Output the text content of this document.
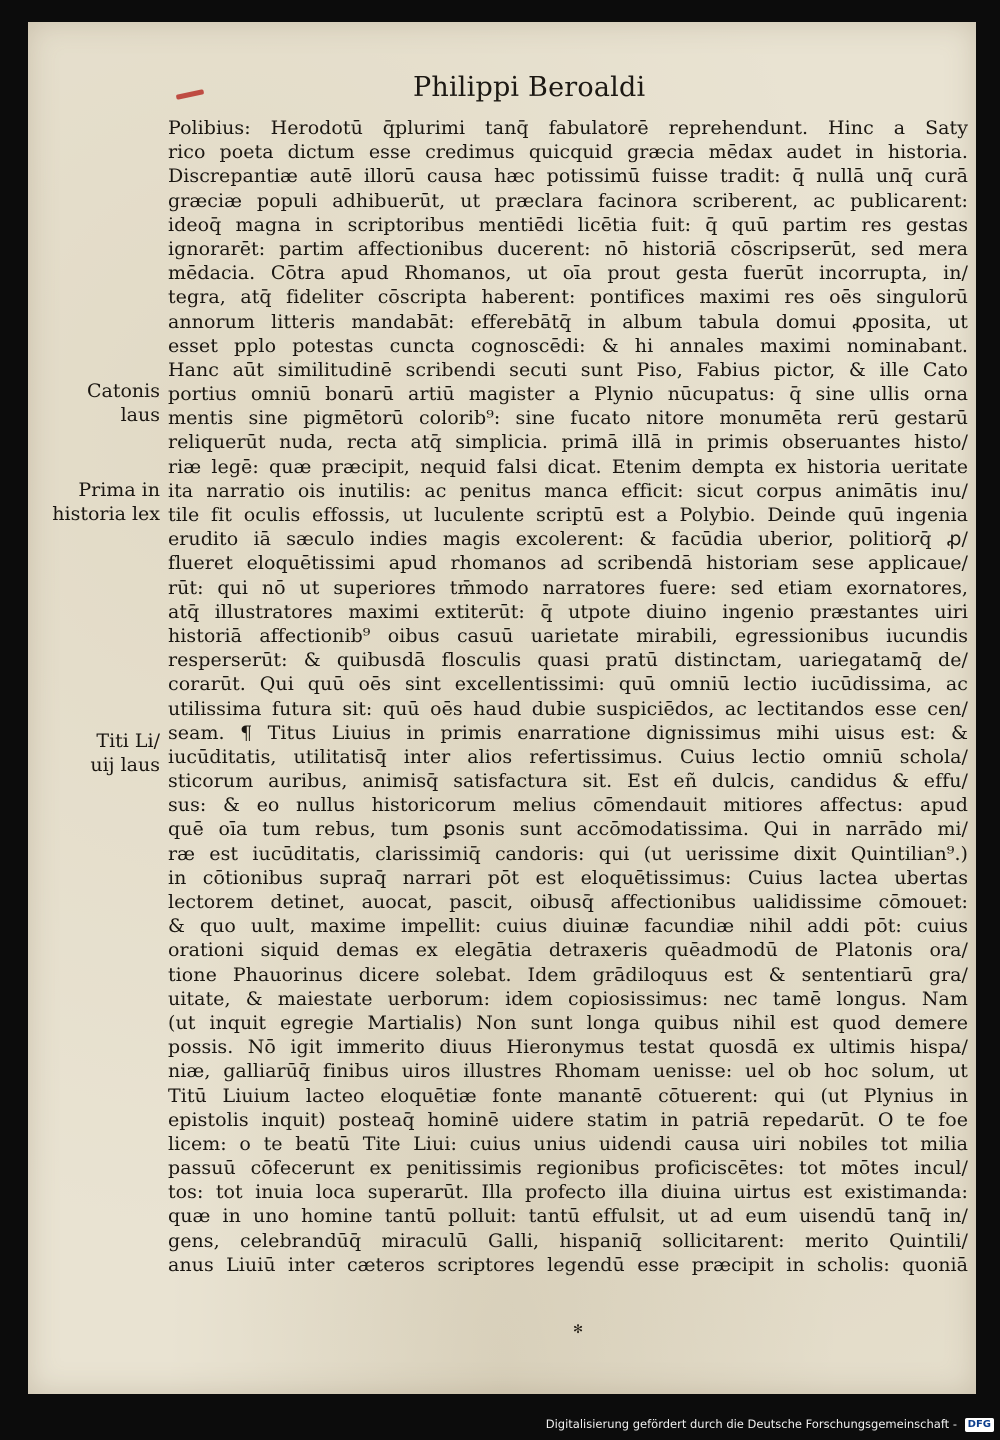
Philippi Beroaldi
Catonis
laus
Prima in
historia lex
Titi Li/
uij laus
Polibius: Herodotū q̄plurimi tanq̄ fabulatorē reprehendunt. Hinc a Saty
rico poeta dictum esse credimus quicquid græcia mēdax audet in historia.
Discrepantiæ autē illorū causa hæc potissimū fuisse tradit: q̄ nullā unq̄ curā
græciæ populi adhibuerūt, ut præclara facinora scriberent, ac publicarent:
ideoq̄ magna in scriptoribus mentiēdi licētia fuit: q̄ quū partim res gestas
ignorarēt: partim affectionibus ducerent: nō historiā cōscripserūt, sed mera
mēdacia. Cōtra apud Rhomanos, ut oīa prout gesta fuerūt incorrupta, in/
tegra, atq̄ fideliter cōscripta haberent: pontifices maximi res oēs singulorū
annorum litteris mandabāt: efferebātq̄ in album tabula domui ꝓposita, ut
esset pplo potestas cuncta cognoscēdi: & hi annales maximi nominabant.
Hanc aūt similitudinē scribendi secuti sunt Piso, Fabius pictor, & ille Cato
portius omniū bonarū artiū magister a Plynio nūcupatus: q̄ sine ullis orna
mentis sine pigmētorū colorib⁹: sine fucato nitore monumēta rerū gestarū
reliquerūt nuda, recta atq̄ simplicia. primā illā in primis obseruantes histo/
riæ legē: quæ præcipit, nequid falsi dicat. Etenim dempta ex historia ueritate
ita narratio ois inutilis: ac penitus manca efficit: sicut corpus animātis inu/
tile fit oculis effossis, ut luculente scriptū est a Polybio. Deinde quū ingenia
erudito iā sæculo indies magis excolerent: & facūdia uberior, politiorq̄ ꝓ/
flueret eloquētissimi apud rhomanos ad scribendā historiam sese applicaue/
rūt: qui nō ut superiores tm̄modo narratores fuere: sed etiam exornatores,
atq̄ illustratores maximi extiterūt: q̄ utpote diuino ingenio præstantes uiri
historiā affectionib⁹ oibus casuū uarietate mirabili, egressionibus iucundis
resperserūt: & quibusdā flosculis quasi pratū distinctam, uariegatamq̄ de/
corarūt. Qui quū oēs sint excellentissimi: quū omniū lectio iucūdissima, ac
utilissima futura sit: quū oēs haud dubie suspiciēdos, ac lectitandos esse cen/
seam. ¶ Titus Liuius in primis enarratione dignissimus mihi uisus est: &
iucūditatis, utilitatisq̄ inter alios refertissimus. Cuius lectio omniū schola/
sticorum auribus, animisq̄ satisfactura sit. Est eñ dulcis, candidus & effu/
sus: & eo nullus historicorum melius cōmendauit mitiores affectus: apud
quē oīa tum rebus, tum ꝑsonis sunt accōmodatissima. Qui in narrādo mi/
ræ est iucūditatis, clarissimiq̄ candoris: qui (ut uerissime dixit Quintilian⁹.)
in cōtionibus supraq̄ narrari pōt est eloquētissimus: Cuius lactea ubertas
lectorem detinet, auocat, pascit, oibusq̄ affectionibus ualidissime cōmouet:
& quo uult, maxime impellit: cuius diuinæ facundiæ nihil addi pōt: cuius
orationi siquid demas ex elegātia detraxeris quēadmodū de Platonis ora/
tione Phauorinus dicere solebat. Idem grādiloquus est & sententiarū gra/
uitate, & maiestate uerborum: idem copiosissimus: nec tamē longus. Nam
(ut inquit egregie Martialis) Non sunt longa quibus nihil est quod demere
possis. Nō igit immerito diuus Hieronymus testat quosdā ex ultimis hispa/
niæ, galliarūq̄ finibus uiros illustres Rhomam uenisse: uel ob hoc solum, ut
Titū Liuium lacteo eloquētiæ fonte manantē cōtuerent: qui (ut Plynius in
epistolis inquit) posteaq̄ hominē uidere statim in patriā repedarūt. O te foe
licem: o te beatū Tite Liui: cuius unius uidendi causa uiri nobiles tot milia
passuū cōfecerunt ex penitissimis regionibus proficiscētes: tot mōtes incul/
tos: tot inuia loca superarūt. Illa profecto illa diuina uirtus est existimanda:
quæ in uno homine tantū polluit: tantū effulsit, ut ad eum uisendū tanq̄ in/
gens, celebrandūq̄ miraculū Galli, hispaniq̄ sollicitarent: merito Quintili/
anus Liuiū inter cæteros scriptores legendū esse præcipit in scholis: quoniā
✻
Digitalisierung gefördert durch die Deutsche Forschungsgemeinschaft - DFG
